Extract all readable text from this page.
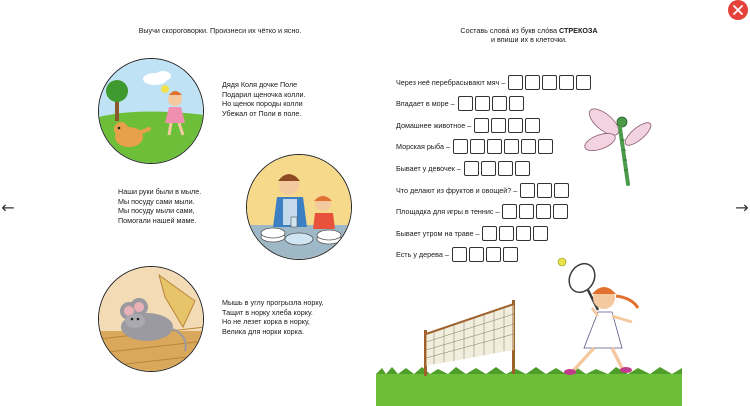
←	→
Выучи скороговорки. Произнеси их чётко и ясно.
Дядя Коля дочке Поле
Подарил щеночка колли.
Но щенок породы колли
Убежал от Поли в поле.
Наши руки были в мыле.
Мы посуду сами мыли.
Мы посуду мыли сами,
Помогали нашей маме.
Мышь в углу прогрызла норку,
Тащит в норку хлеба корку.
Но не лезет корка в норку,
Велика для норки корка.
Составь слова́ из букв сло́ва СТРЕКОЗА
и впиши их в клеточки.
Через неё перебрасывают мяч –
Впадает в море –
Домашнее животное –
Морская рыба –
Бывает у девочек –
Что делают из фруктов и овощей? –
Площадка для игры в теннис –
Бывает утром на траве –
Есть у дерева –
